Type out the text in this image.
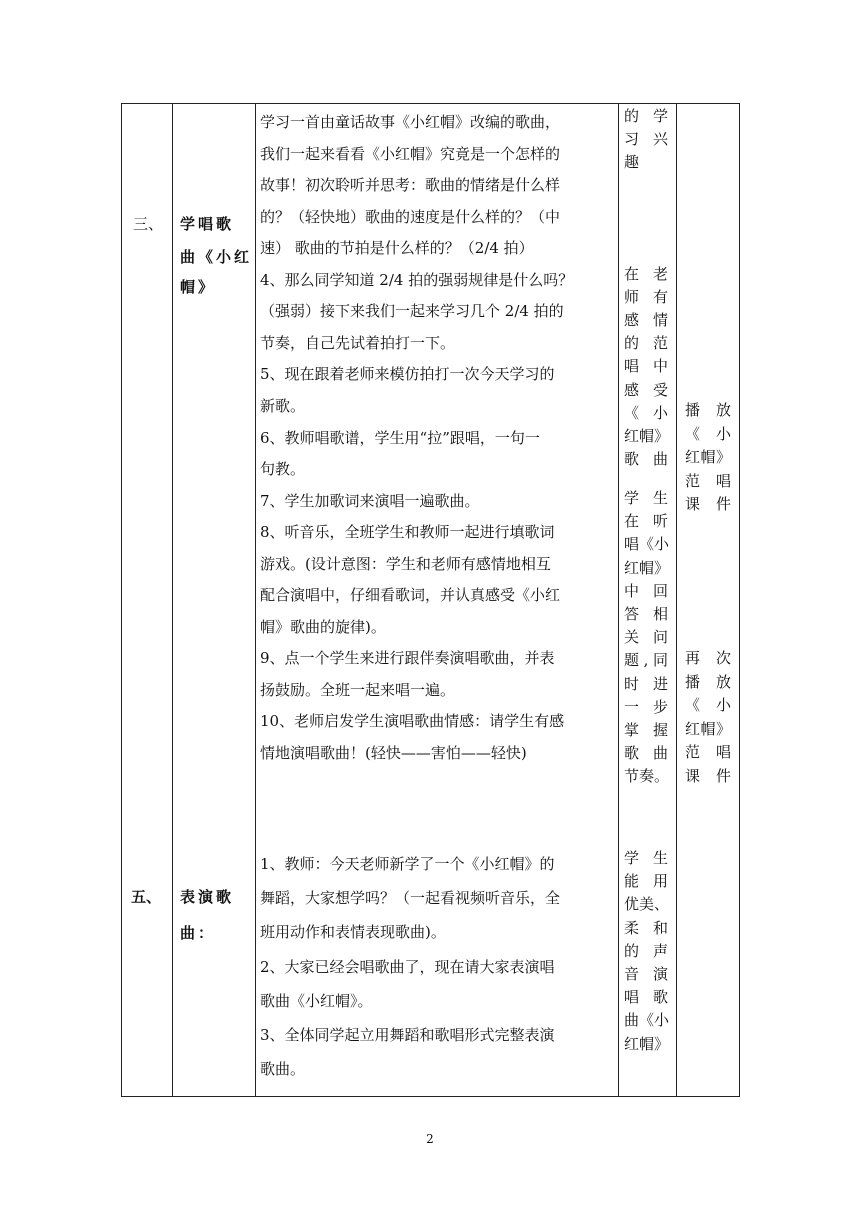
三、 学唱歌
曲《小红
帽》
学习一首由童话故事《小红帽》改编的歌曲，
我们一起来看看《小红帽》究竟是一个怎样的
故事！初次聆听并思考：歌曲的情绪是什么样
的？（轻快地）歌曲的速度是什么样的？（中
速） 歌曲的节拍是什么样的？（2/4 拍）
4、那么同学知道 2/4 拍的强弱规律是什么吗？
（强弱）接下来我们一起来学习几个 2/4 拍的
节奏，自己先试着拍打一下。
5、现在跟着老师来模仿拍打一次今天学习的
新歌。
6、教师唱歌谱，学生用“拉”跟唱，一句一
句教。
7、学生加歌词来演唱一遍歌曲。
8、听音乐，全班学生和教师一起进行填歌词
游戏。(设计意图：学生和老师有感情地相互
配合演唱中，仔细看歌词，并认真感受《小红
帽》歌曲的旋律)。
9、点一个学生来进行跟伴奏演唱歌曲，并表
扬鼓励。全班一起来唱一遍。
10、老师启发学生演唱歌曲情感：请学生有感
情地演唱歌曲！(轻快——害怕——轻快)
的 学
习 兴
趣
在 老
师 有
感 情
的 范
唱 中
感 受
《 小
红 帽 》
歌 曲
学 生
在 听
唱 《 小
红 帽 》
中 回
答 相
关 问
题 , 同
时 进
一 步
掌 握
歌 曲
节 奏 。
播 放
《 小
红 帽 》
范 唱
课 件
再 次
播 放
《 小
红 帽 》
范 唱
课 件
五、 表演歌
曲：
1、教师：今天老师新学了一个《小红帽》的
舞蹈，大家想学吗？（一起看视频听音乐，全
班用动作和表情表现歌曲)。
2、大家已经会唱歌曲了，现在请大家表演唱
歌曲《小红帽》。
3、全体同学起立用舞蹈和歌唱形式完整表演
歌曲。
学 生
能 用
优 美 、
柔 和
的 声
音 演
唱 歌
曲 《 小
红 帽 》
2
